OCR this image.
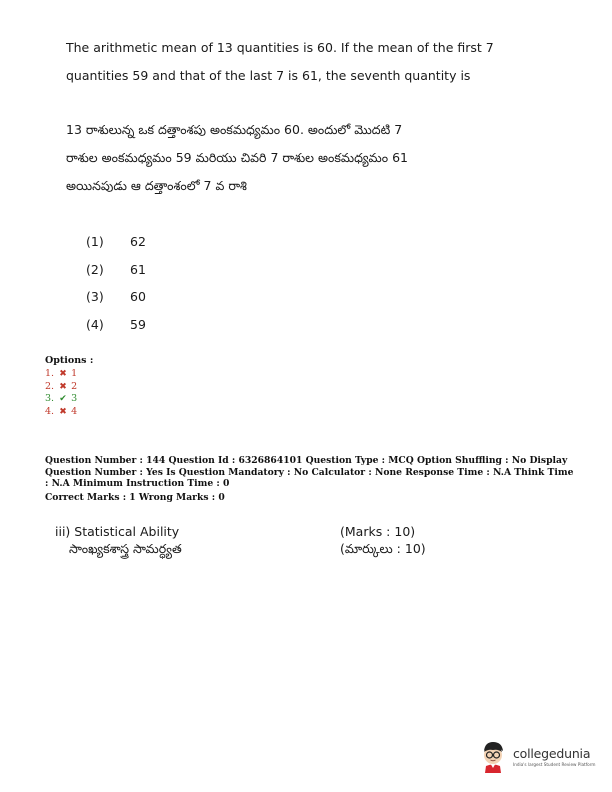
The arithmetic mean of 13 quantities is 60. If the mean of the first 7
quantities 59 and that of the last 7 is 61, the seventh quantity is
13 రాశులున్న ఒక దత్తాంశపు అంకమధ్యమం 60. అందులో మొదటి 7
రాశుల అంకమధ్యమం 59 మరియు చివరి 7 రాశుల అంకమధ్యమం 61
అయినపుడు ఆ దత్తాంశంలో 7 వ రాశి
(1)	62
(2)	61
(3)	60
(4)	59
Options :
1. ✖ 1
2. ✖ 2
3. ✔ 3
4. ✖ 4
Question Number : 144 Question Id : 6326864101 Question Type : MCQ Option Shuffling : No Display Question Number : Yes Is Question Mandatory : No Calculator : None Response Time : N.A Think Time : N.A Minimum Instruction Time : 0
Correct Marks : 1 Wrong Marks : 0
iii) Statistical Ability	(Marks : 10)
సాంఖ్యకశాస్త్ర సామర్ధ్యత	(మార్కులు : 10)
collegedunia
India's largest Student Review Platform
